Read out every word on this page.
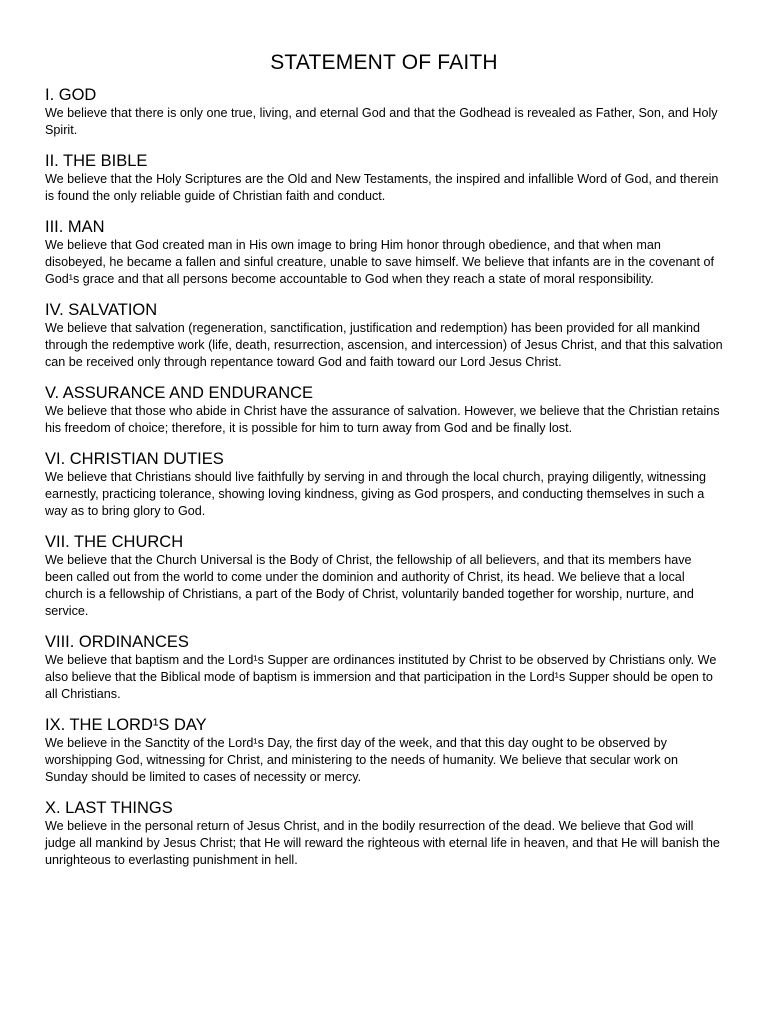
STATEMENT OF FAITH
I. GOD

We believe that there is only one true, living, and eternal God and that the Godhead is revealed as Father, Son, and Holy Spirit.

II. THE BIBLE

We believe that the Holy Scriptures are the Old and New Testaments, the inspired and infallible Word of God, and therein is found the only reliable guide of Christian faith and conduct.

III. MAN

We believe that God created man in His own image to bring Him honor through obedience, and that when man disobeyed, he became a fallen and sinful creature, unable to save himself. We believe that infants are in the covenant of God¹s grace and that all persons become accountable to God when they reach a state of moral responsibility.

IV. SALVATION

We believe that salvation (regeneration, sanctification, justification and redemption) has been provided for all mankind through the redemptive work (life, death, resurrection, ascension, and intercession) of Jesus Christ, and that this salvation can be received only through repentance toward God and faith toward our Lord Jesus Christ.

V. ASSURANCE AND ENDURANCE

We believe that those who abide in Christ have the assurance of salvation. However, we believe that the Christian retains his freedom of choice; therefore, it is possible for him to turn away from God and be finally lost.

VI. CHRISTIAN DUTIES

We believe that Christians should live faithfully by serving in and through the local church, praying diligently, witnessing earnestly, practicing tolerance, showing loving kindness, giving as God prospers, and conducting themselves in such a way as to bring glory to God.

VII. THE CHURCH

We believe that the Church Universal is the Body of Christ, the fellowship of all believers, and that its members have been called out from the world to come under the dominion and authority of Christ, its head. We believe that a local church is a fellowship of Christians, a part of the Body of Christ, voluntarily banded together for worship, nurture, and service.

VIII. ORDINANCES

We believe that baptism and the Lord¹s Supper are ordinances instituted by Christ to be observed by Christians only. We also believe that the Biblical mode of baptism is immersion and that participation in the Lord¹s Supper should be open to all Christians.

IX. THE LORD¹S DAY

We believe in the Sanctity of the Lord¹s Day, the first day of the week, and that this day ought to be observed by worshipping God, witnessing for Christ, and ministering to the needs of humanity. We believe that secular work on Sunday should be limited to cases of necessity or mercy.

X. LAST THINGS

We believe in the personal return of Jesus Christ, and in the bodily resurrection of the dead. We believe that God will judge all mankind by Jesus Christ; that He will reward the righteous with eternal life in heaven, and that He will banish the unrighteous to everlasting punishment in hell.
